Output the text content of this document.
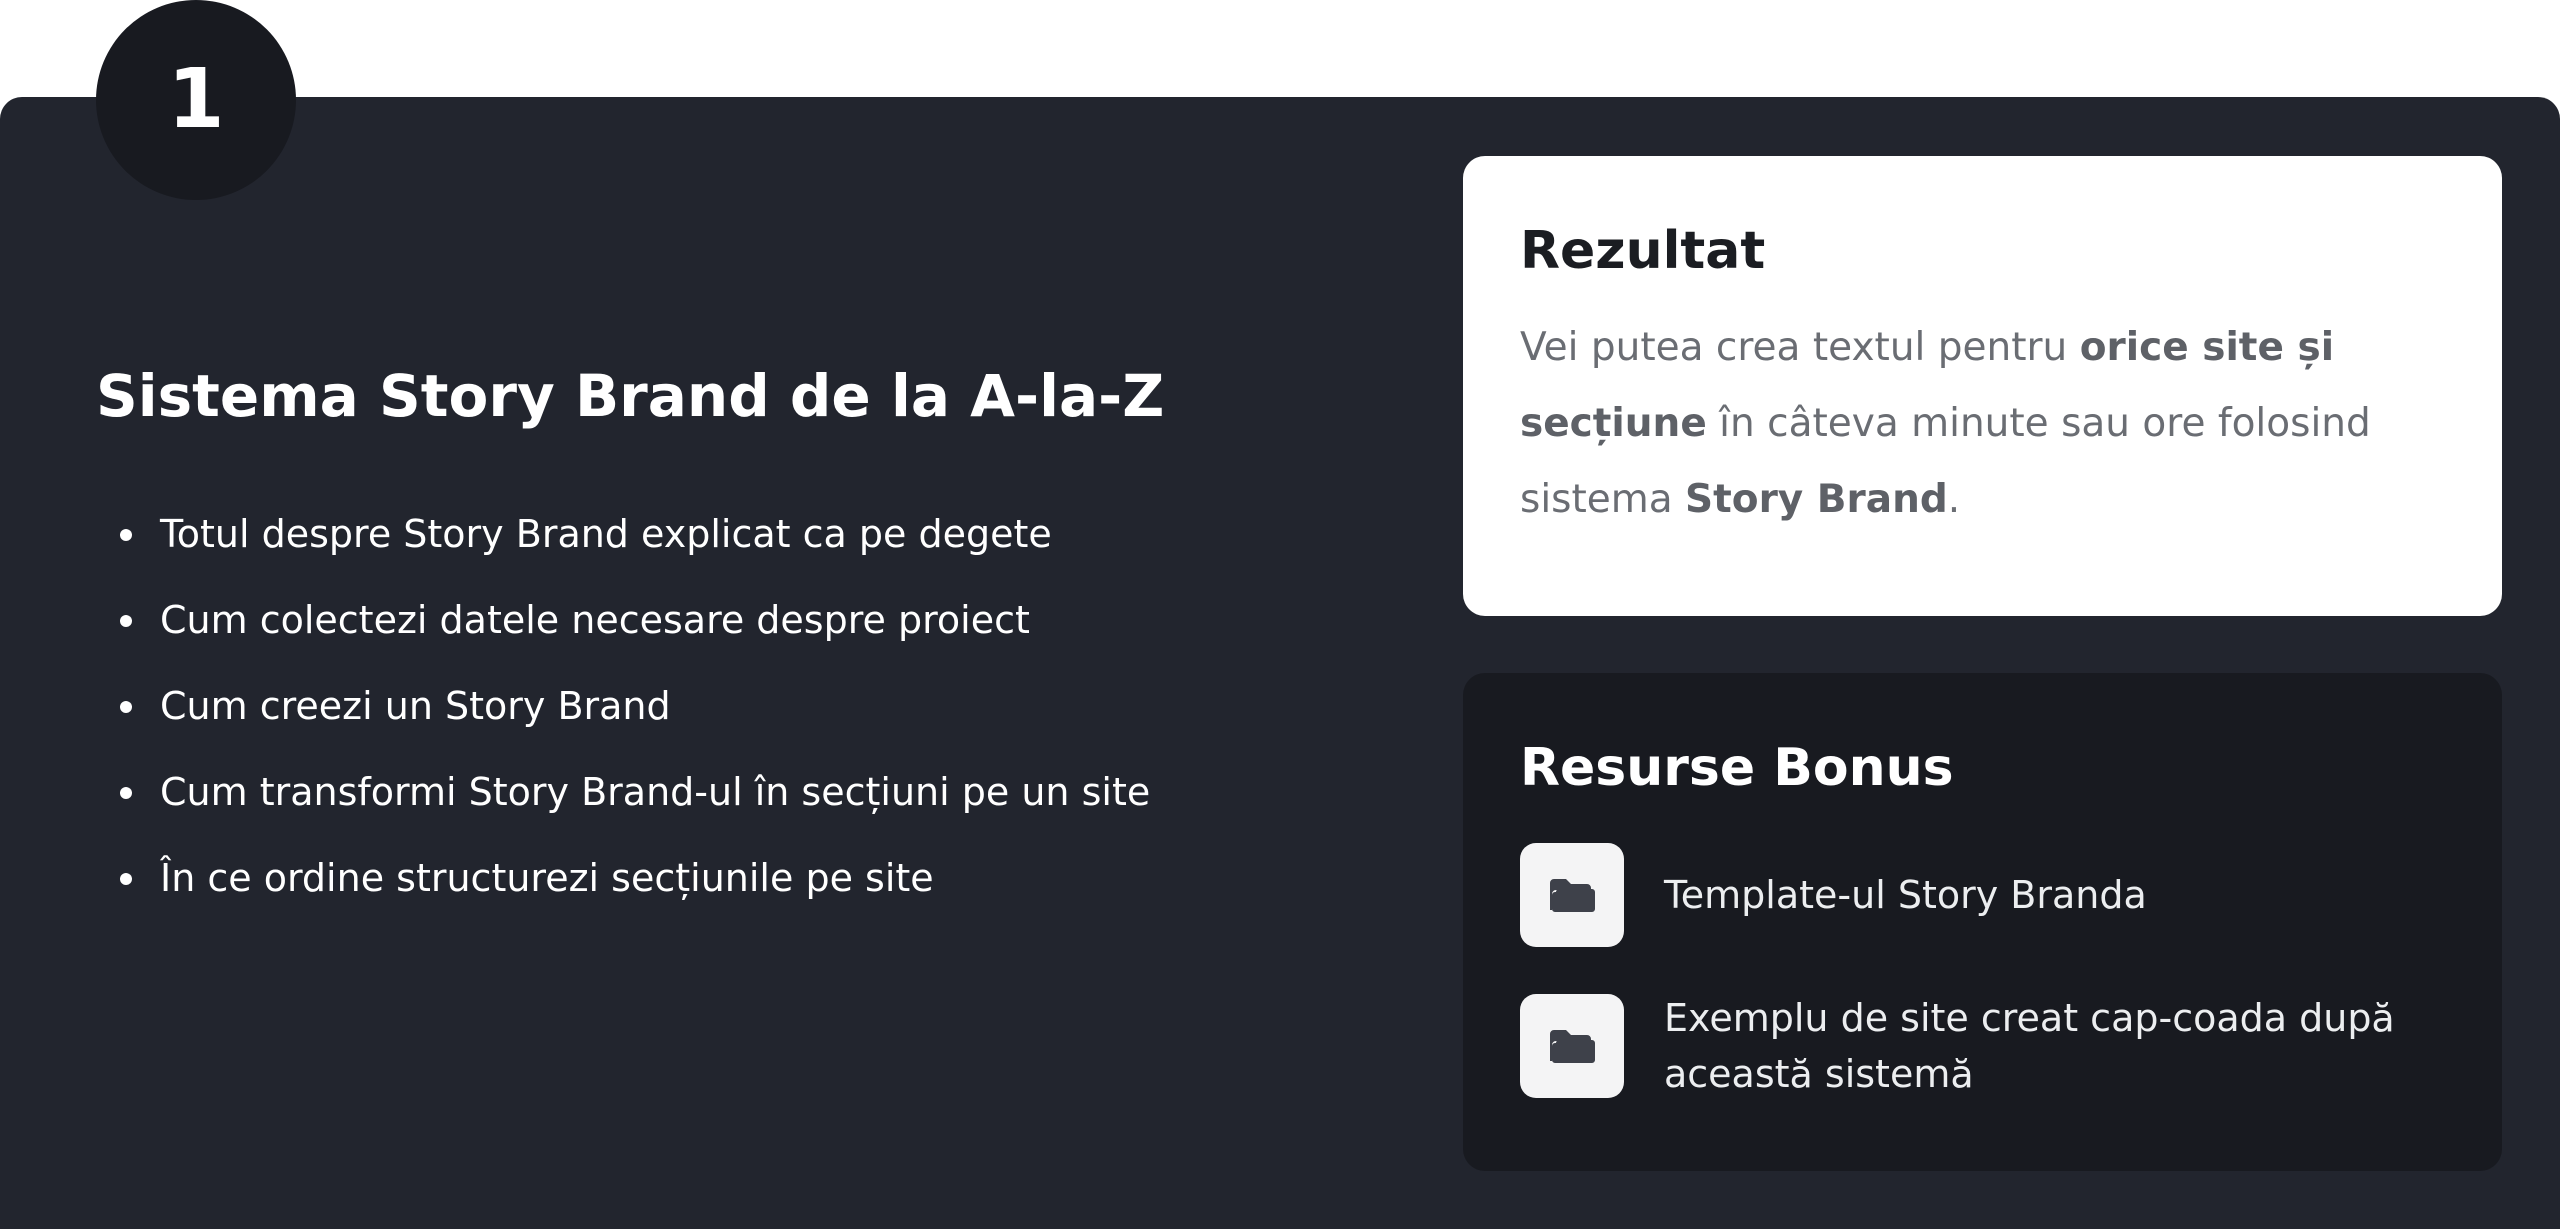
Sistema Story Brand de la A-la-Z
Totul despre Story Brand explicat ca pe degete
Cum colectezi datele necesare despre proiect
Cum creezi un Story Brand
Cum transformi Story Brand-ul în secțiuni pe un site
În ce ordine structurezi secțiunile pe site
Rezultat

Vei putea crea textul pentru orice site și secțiune în câteva minute sau ore folosind sistema Story Brand.

Resurse Bonus
Template-ul Story Branda
Exemplu de site creat cap-coada după această sistemă
1
